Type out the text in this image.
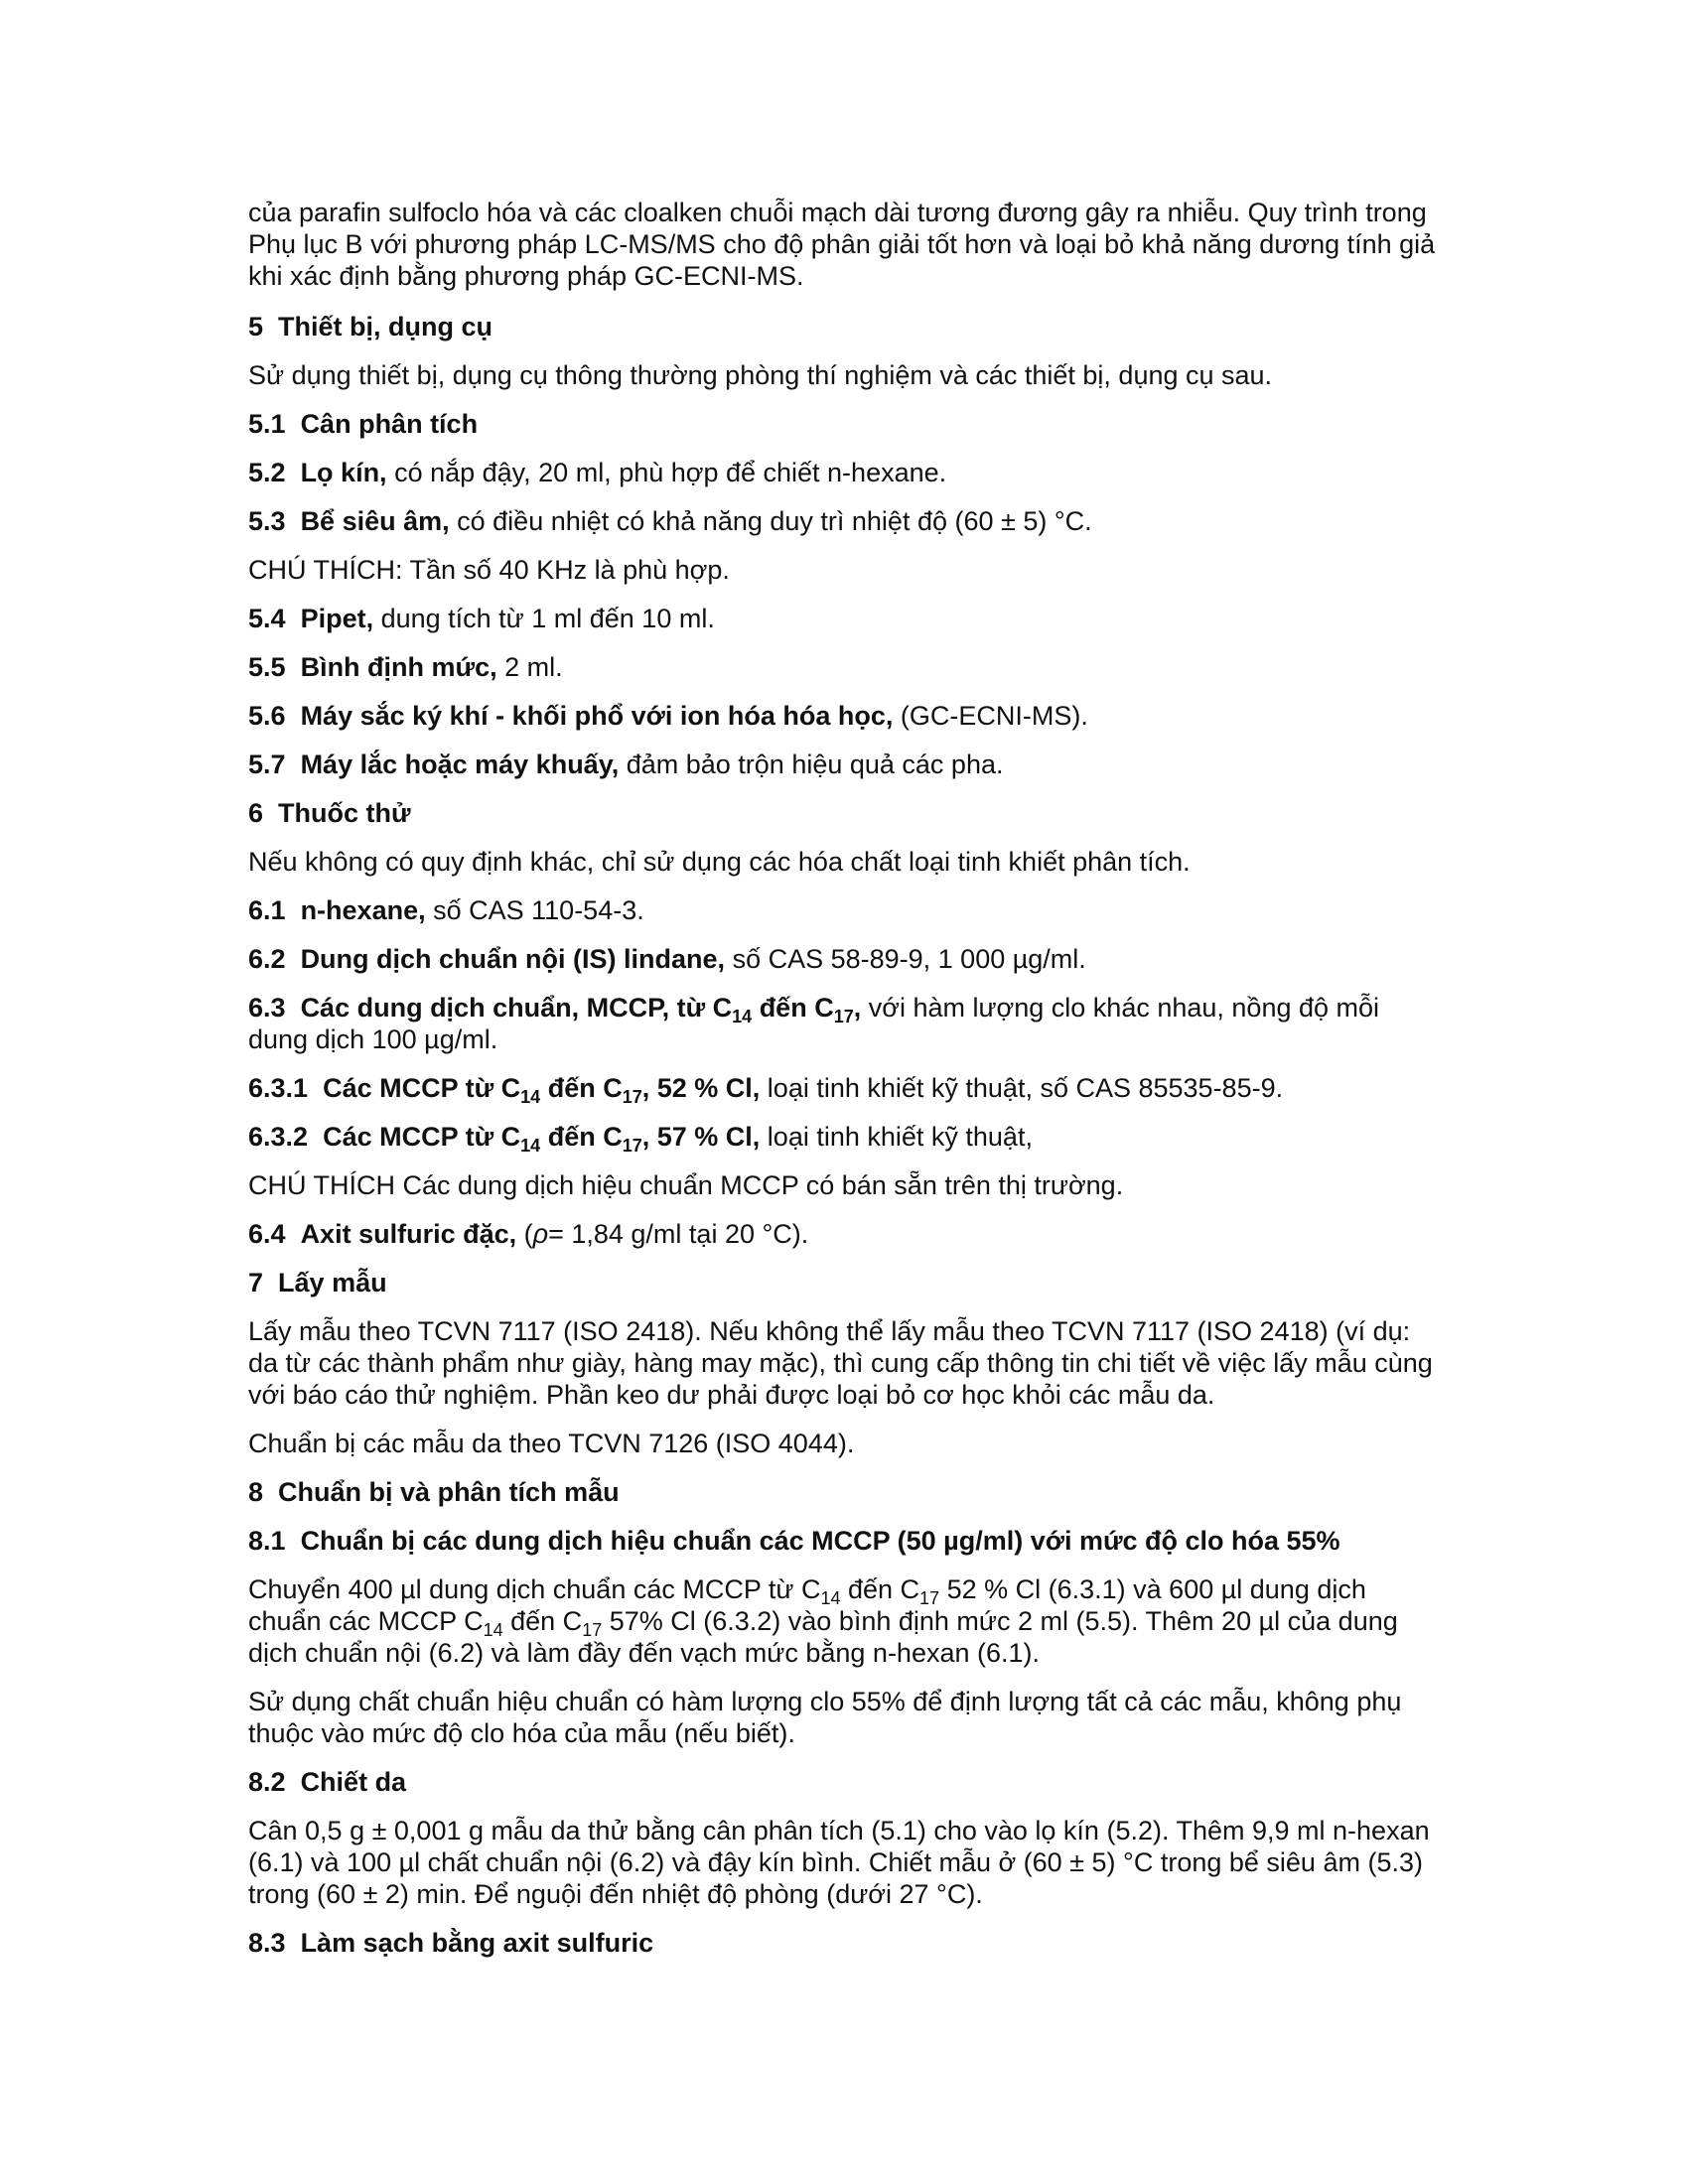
của parafin sulfoclo hóa và các cloalken chuỗi mạch dài tương đương gây ra nhiễu. Quy trình trong Phụ lục B với phương pháp LC-MS/MS cho độ phân giải tốt hơn và loại bỏ khả năng dương tính giả khi xác định bằng phương pháp GC-ECNI-MS.

5 Thiết bị, dụng cụ

Sử dụng thiết bị, dụng cụ thông thường phòng thí nghiệm và các thiết bị, dụng cụ sau.

5.1 Cân phân tích

5.2 Lọ kín, có nắp đậy, 20 ml, phù hợp để chiết n-hexane.

5.3 Bể siêu âm, có điều nhiệt có khả năng duy trì nhiệt độ (60 ± 5) °C.

CHÚ THÍCH: Tần số 40 KHz là phù hợp.

5.4 Pipet, dung tích từ 1 ml đến 10 ml.

5.5 Bình định mức, 2 ml.

5.6 Máy sắc ký khí - khối phổ với ion hóa hóa học, (GC-ECNI-MS).

5.7 Máy lắc hoặc máy khuấy, đảm bảo trộn hiệu quả các pha.

6 Thuốc thử

Nếu không có quy định khác, chỉ sử dụng các hóa chất loại tinh khiết phân tích.

6.1 n-hexane, số CAS 110-54-3.

6.2 Dung dịch chuẩn nội (IS) lindane, số CAS 58-89-9, 1 000 µg/ml.

6.3 Các dung dịch chuẩn, MCCP, từ $C_{14}$ đến $C_{17}$, với hàm lượng clo khác nhau, nồng độ mỗi dung dịch 100 µg/ml.

6.3.1 Các MCCP từ $C_{14}$ đến $C_{17}$, 52 % Cl, loại tinh khiết kỹ thuật, số CAS 85535-85-9.

6.3.2 Các MCCP từ $C_{14}$ đến $C_{17}$, 57 % Cl, loại tinh khiết kỹ thuật,

CHÚ THÍCH Các dung dịch hiệu chuẩn MCCP có bán sẵn trên thị trường.

6.4 Axit sulfuric đặc, (ρ= 1,84 g/ml tại 20 °C).

7 Lấy mẫu

Lấy mẫu theo TCVN 7117 (ISO 2418). Nếu không thể lấy mẫu theo TCVN 7117 (ISO 2418) (ví dụ: da từ các thành phẩm như giày, hàng may mặc), thì cung cấp thông tin chi tiết về việc lấy mẫu cùng với báo cáo thử nghiệm. Phần keo dư phải được loại bỏ cơ học khỏi các mẫu da.

Chuẩn bị các mẫu da theo TCVN 7126 (ISO 4044).

8 Chuẩn bị và phân tích mẫu

8.1 Chuẩn bị các dung dịch hiệu chuẩn các MCCP (50 µg/ml) với mức độ clo hóa 55%

Chuyển 400 µl dung dịch chuẩn các MCCP từ $C_{14}$ đến $C_{17}$ 52 % Cl (6.3.1) và 600 µl dung dịch chuẩn các MCCP $C_{14}$ đến $C_{17}$ 57% Cl (6.3.2) vào bình định mức 2 ml (5.5). Thêm 20 µl của dung dịch chuẩn nội (6.2) và làm đầy đến vạch mức bằng n-hexan (6.1).

Sử dụng chất chuẩn hiệu chuẩn có hàm lượng clo 55% để định lượng tất cả các mẫu, không phụ thuộc vào mức độ clo hóa của mẫu (nếu biết).

8.2 Chiết da

Cân 0,5 g ± 0,001 g mẫu da thử bằng cân phân tích (5.1) cho vào lọ kín (5.2). Thêm 9,9 ml n-hexan (6.1) và 100 µl chất chuẩn nội (6.2) và đậy kín bình. Chiết mẫu ở (60 ± 5) °C trong bể siêu âm (5.3) trong (60 ± 2) min. Để nguội đến nhiệt độ phòng (dưới 27 °C).

8.3 Làm sạch bằng axit sulfuric
